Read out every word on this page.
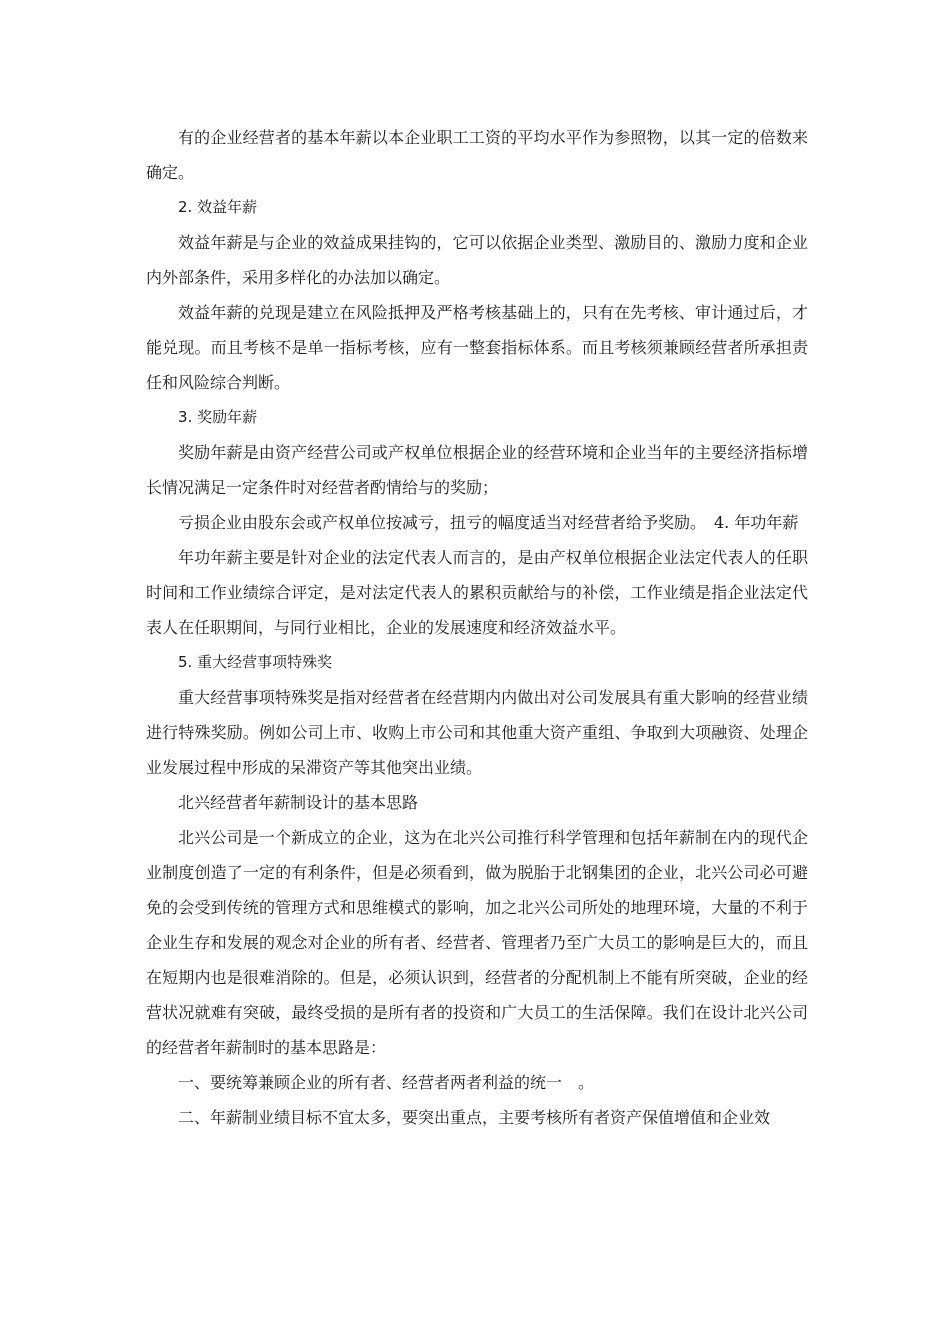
有的企业经营者的基本年薪以本企业职工工资的平均水平作为参照物，以其一定的倍数来确定。

2. 效益年薪

效益年薪是与企业的效益成果挂钩的，它可以依据企业类型、激励目的、激励力度和企业内外部条件，采用多样化的办法加以确定。

效益年薪的兑现是建立在风险抵押及严格考核基础上的，只有在先考核、审计通过后，才能兑现。而且考核不是单一指标考核，应有一整套指标体系。而且考核须兼顾经营者所承担责任和风险综合判断。

3. 奖励年薪

奖励年薪是由资产经营公司或产权单位根据企业的经营环境和企业当年的主要经济指标增长情况满足一定条件时对经营者酌情给与的奖励；

亏损企业由股东会或产权单位按减亏，扭亏的幅度适当对经营者给予奖励。　4. 年功年薪

年功年薪主要是针对企业的法定代表人而言的，是由产权单位根据企业法定代表人的任职时间和工作业绩综合评定，是对法定代表人的累积贡献给与的补偿，工作业绩是指企业法定代表人在任职期间，与同行业相比，企业的发展速度和经济效益水平。

5. 重大经营事项特殊奖

重大经营事项特殊奖是指对经营者在经营期内内做出对公司发展具有重大影响的经营业绩进行特殊奖励。例如公司上市、收购上市公司和其他重大资产重组、争取到大项融资、处理企业发展过程中形成的呆滞资产等其他突出业绩。

北兴经营者年薪制设计的基本思路

北兴公司是一个新成立的企业，这为在北兴公司推行科学管理和包括年薪制在内的现代企业制度创造了一定的有利条件，但是必须看到，做为脱胎于北钢集团的企业，北兴公司必可避免的会受到传统的管理方式和思维模式的影响，加之北兴公司所处的地理环境，大量的不利于企业生存和发展的观念对企业的所有者、经营者、管理者乃至广大员工的影响是巨大的，而且在短期内也是很难消除的。但是，必须认识到，经营者的分配机制上不能有所突破，企业的经营状况就难有突破，最终受损的是所有者的投资和广大员工的生活保障。我们在设计北兴公司的经营者年薪制时的基本思路是：

一、要统筹兼顾企业的所有者、经营者两者利益的统一　。

二、年薪制业绩目标不宜太多，要突出重点，主要考核所有者资产保值增值和企业效
